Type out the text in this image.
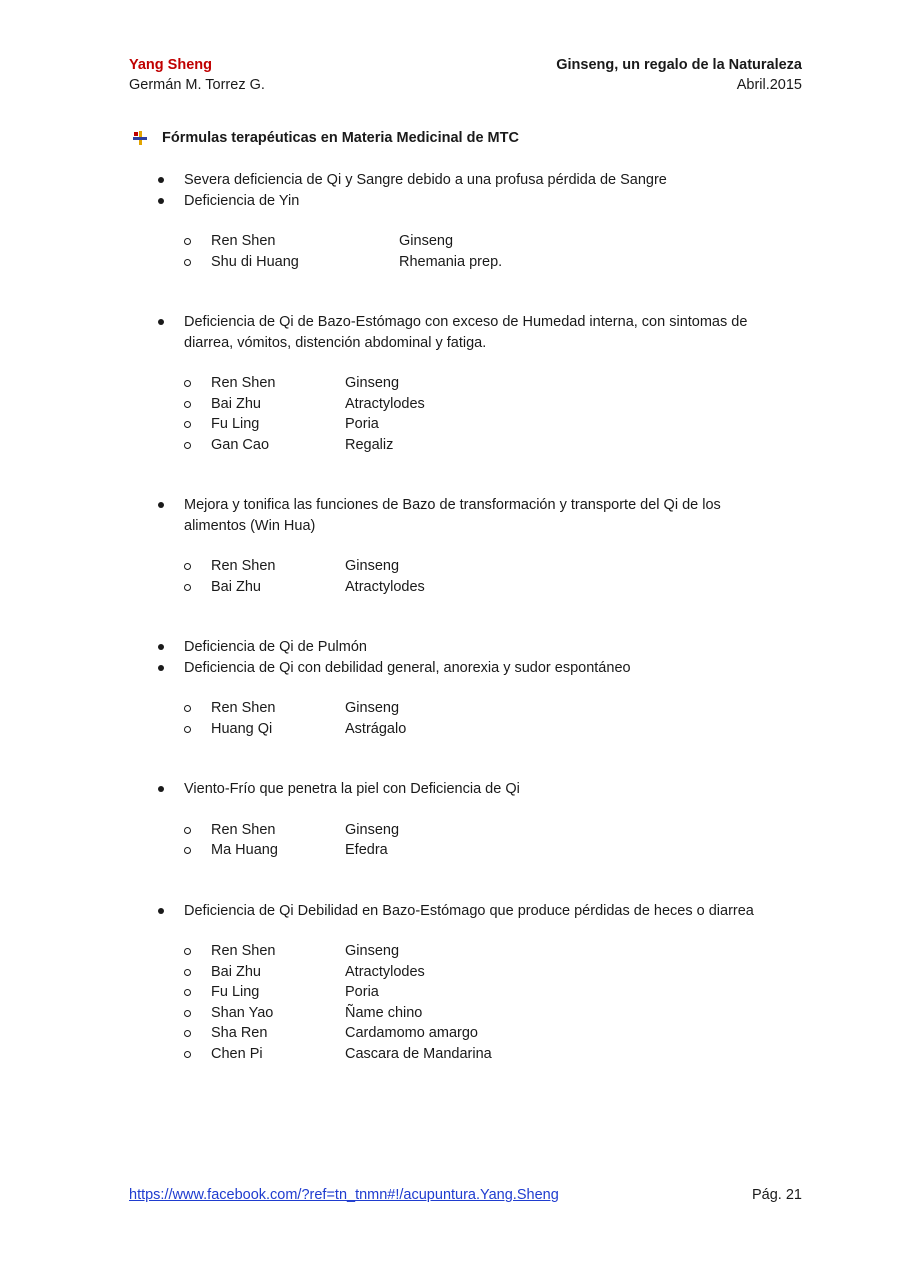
Yang Sheng	Ginseng, un regalo de la Naturaleza
Germán M. Torrez G.	Abril.2015
Fórmulas terapéuticas en Materia Medicinal de MTC
Severa deficiencia de Qi y Sangre debido a una profusa pérdida de Sangre
Deficiencia de Yin
Ren Shen	Ginseng
Shu di Huang	Rhemania prep.
Deficiencia de Qi de Bazo-Estómago con exceso de Humedad interna, con sintomas de diarrea, vómitos, distención abdominal y fatiga.
Ren Shen	Ginseng
Bai Zhu	Atractylodes
Fu Ling	Poria
Gan Cao	Regaliz
Mejora y tonifica las funciones de Bazo de transformación y transporte del Qi de los alimentos (Win Hua)
Ren Shen	Ginseng
Bai Zhu	Atractylodes
Deficiencia de Qi de Pulmón
Deficiencia de Qi con debilidad general, anorexia y sudor espontáneo
Ren Shen	Ginseng
Huang Qi	Astrágalo
Viento-Frío que penetra la piel con Deficiencia de Qi
Ren Shen	Ginseng
Ma Huang	Efedra
Deficiencia de Qi Debilidad en Bazo-Estómago que produce pérdidas de heces o diarrea
Ren Shen	Ginseng
Bai Zhu	Atractylodes
Fu Ling	Poria
Shan Yao	Ñame chino
Sha Ren	Cardamomo amargo
Chen Pi	Cascara de Mandarina
https://www.facebook.com/?ref=tn_tnmn#!/acupuntura.Yang.Sheng	Pág. 21
